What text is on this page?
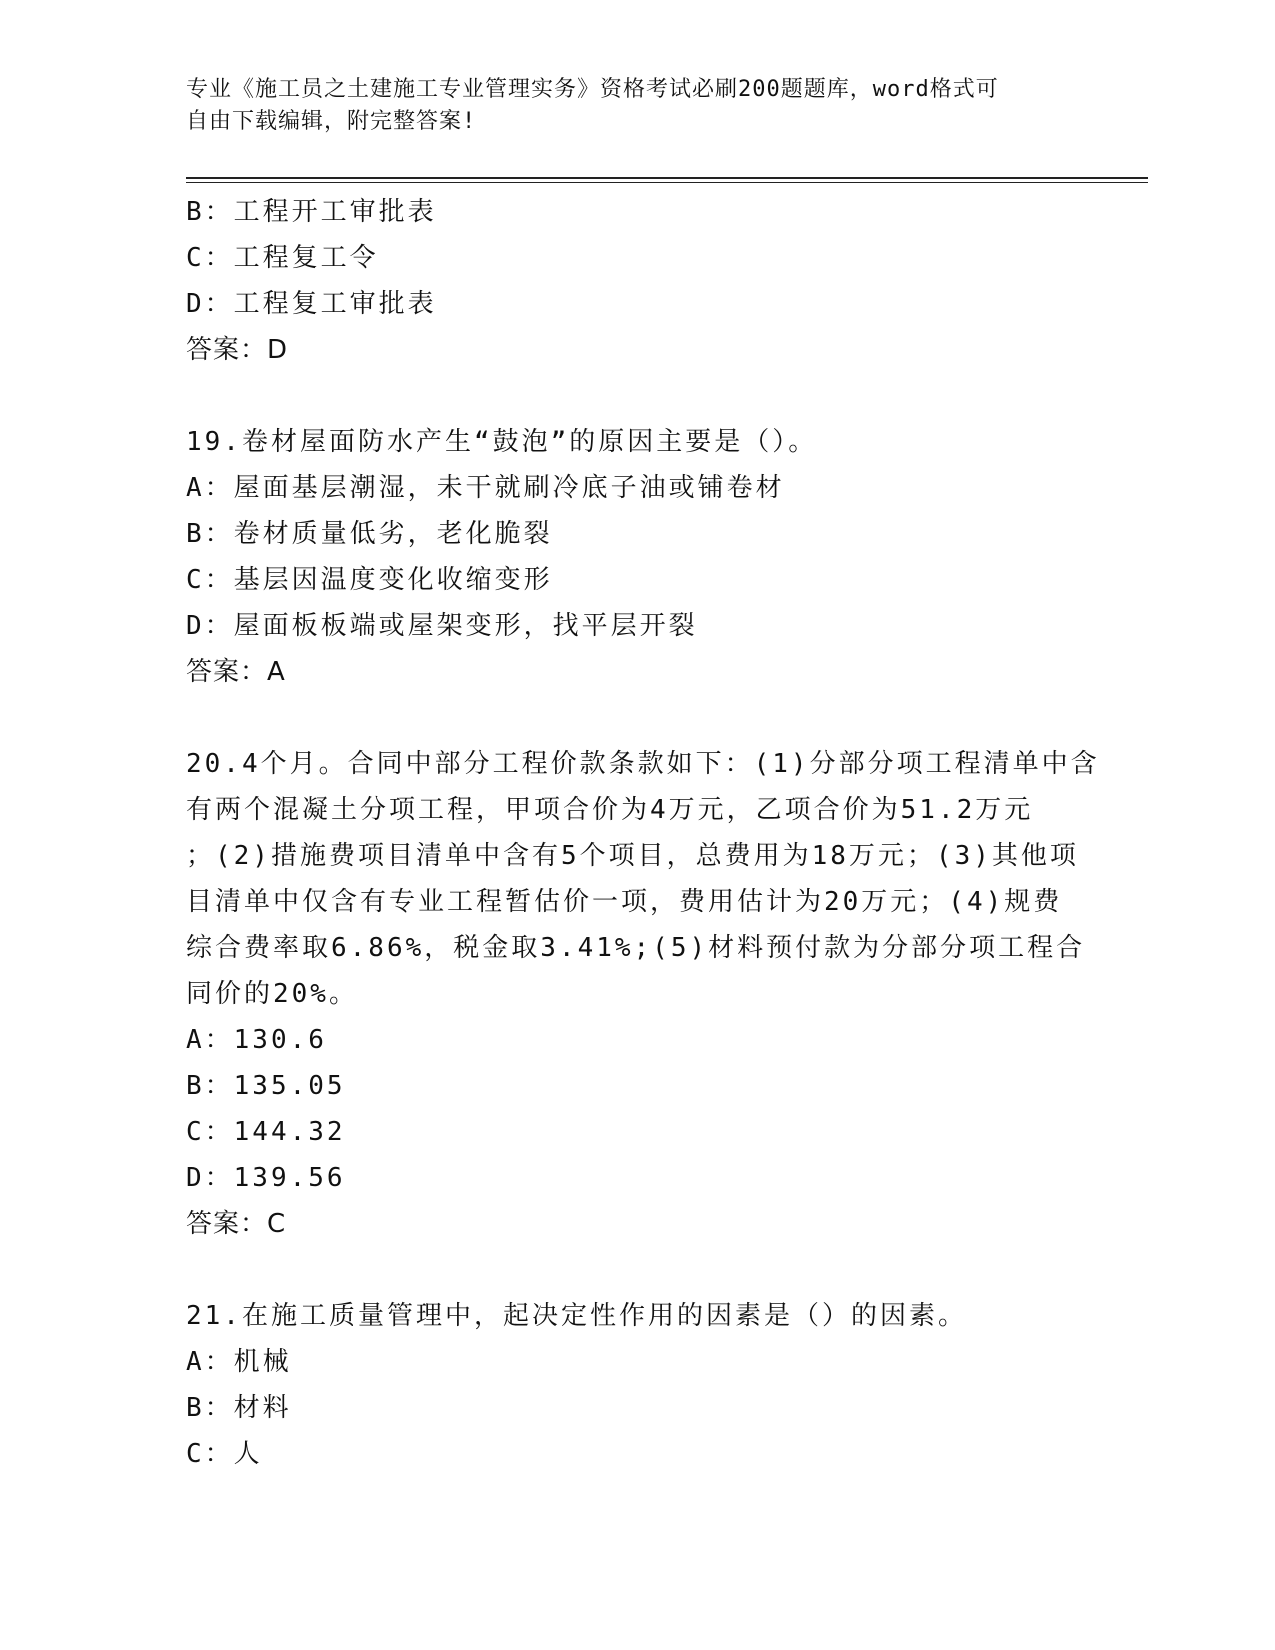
专业《施工员之土建施工专业管理实务》资格考试必刷200题题库，word格式可
自由下载编辑，附完整答案!
B：工程开工审批表
C：工程复工令
D：工程复工审批表
答案：D
19.卷材屋面防水产生“鼓泡”的原因主要是（）。
A：屋面基层潮湿，未干就刷冷底子油或铺卷材
B：卷材质量低劣，老化脆裂
C：基层因温度变化收缩变形
D：屋面板板端或屋架变形，找平层开裂
答案：A
20.4个月。合同中部分工程价款条款如下：(1)分部分项工程清单中含
有两个混凝土分项工程，甲项合价为4万元，乙项合价为51.2万元
；(2)措施费项目清单中含有5个项目，总费用为18万元；(3)其他项
目清单中仅含有专业工程暂估价一项，费用估计为20万元；(4)规费
综合费率取6.86%，税金取3.41%;(5)材料预付款为分部分项工程合
同价的20%。
A：130.6
B：135.05
C：144.32
D：139.56
答案：C
21.在施工质量管理中，起决定性作用的因素是（）的因素。
A：机械
B：材料
C：人
